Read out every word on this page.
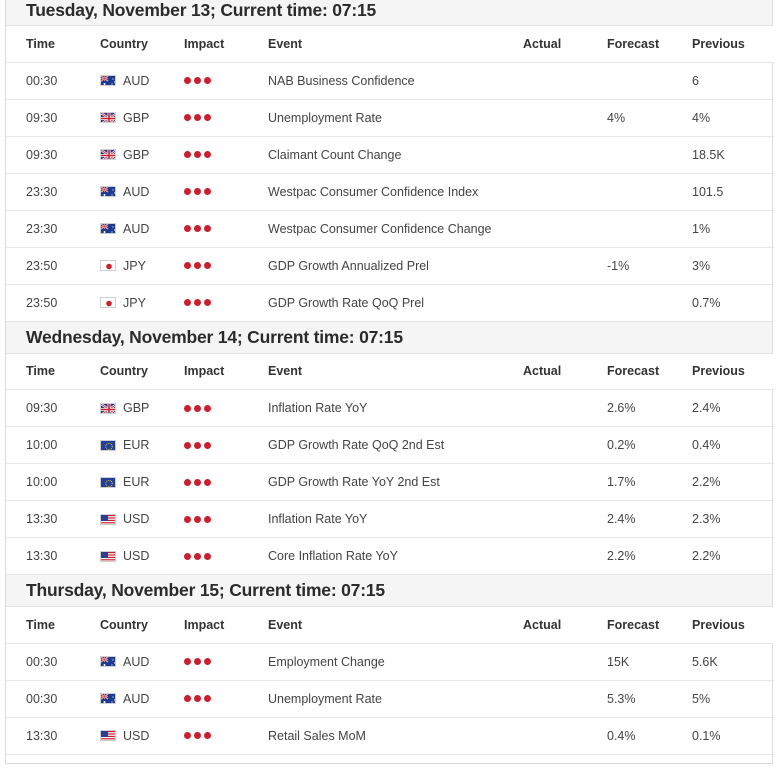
Tuesday, November 13; Current time: 07:15
Time	Country	Impact	Event	Actual	Forecast	Previous
00:30	AUD		NAB Business Confidence			6
09:30	GBP		Unemployment Rate		4%	4%
09:30	GBP		Claimant Count Change			18.5K
23:30	AUD		Westpac Consumer Confidence Index			101.5
23:30	AUD		Westpac Consumer Confidence Change			1%
23:50	JPY		GDP Growth Annualized Prel		-1%	3%
23:50	JPY		GDP Growth Rate QoQ Prel			0.7%
Wednesday, November 14; Current time: 07:15
Time	Country	Impact	Event	Actual	Forecast	Previous
09:30	GBP		Inflation Rate YoY		2.6%	2.4%
10:00	EUR		GDP Growth Rate QoQ 2nd Est		0.2%	0.4%
10:00	EUR		GDP Growth Rate YoY 2nd Est		1.7%	2.2%
13:30	USD		Inflation Rate YoY		2.4%	2.3%
13:30	USD		Core Inflation Rate YoY		2.2%	2.2%
Thursday, November 15; Current time: 07:15
Time	Country	Impact	Event	Actual	Forecast	Previous
00:30	AUD		Employment Change		15K	5.6K
00:30	AUD		Unemployment Rate		5.3%	5%
13:30	USD		Retail Sales MoM		0.4%	0.1%
